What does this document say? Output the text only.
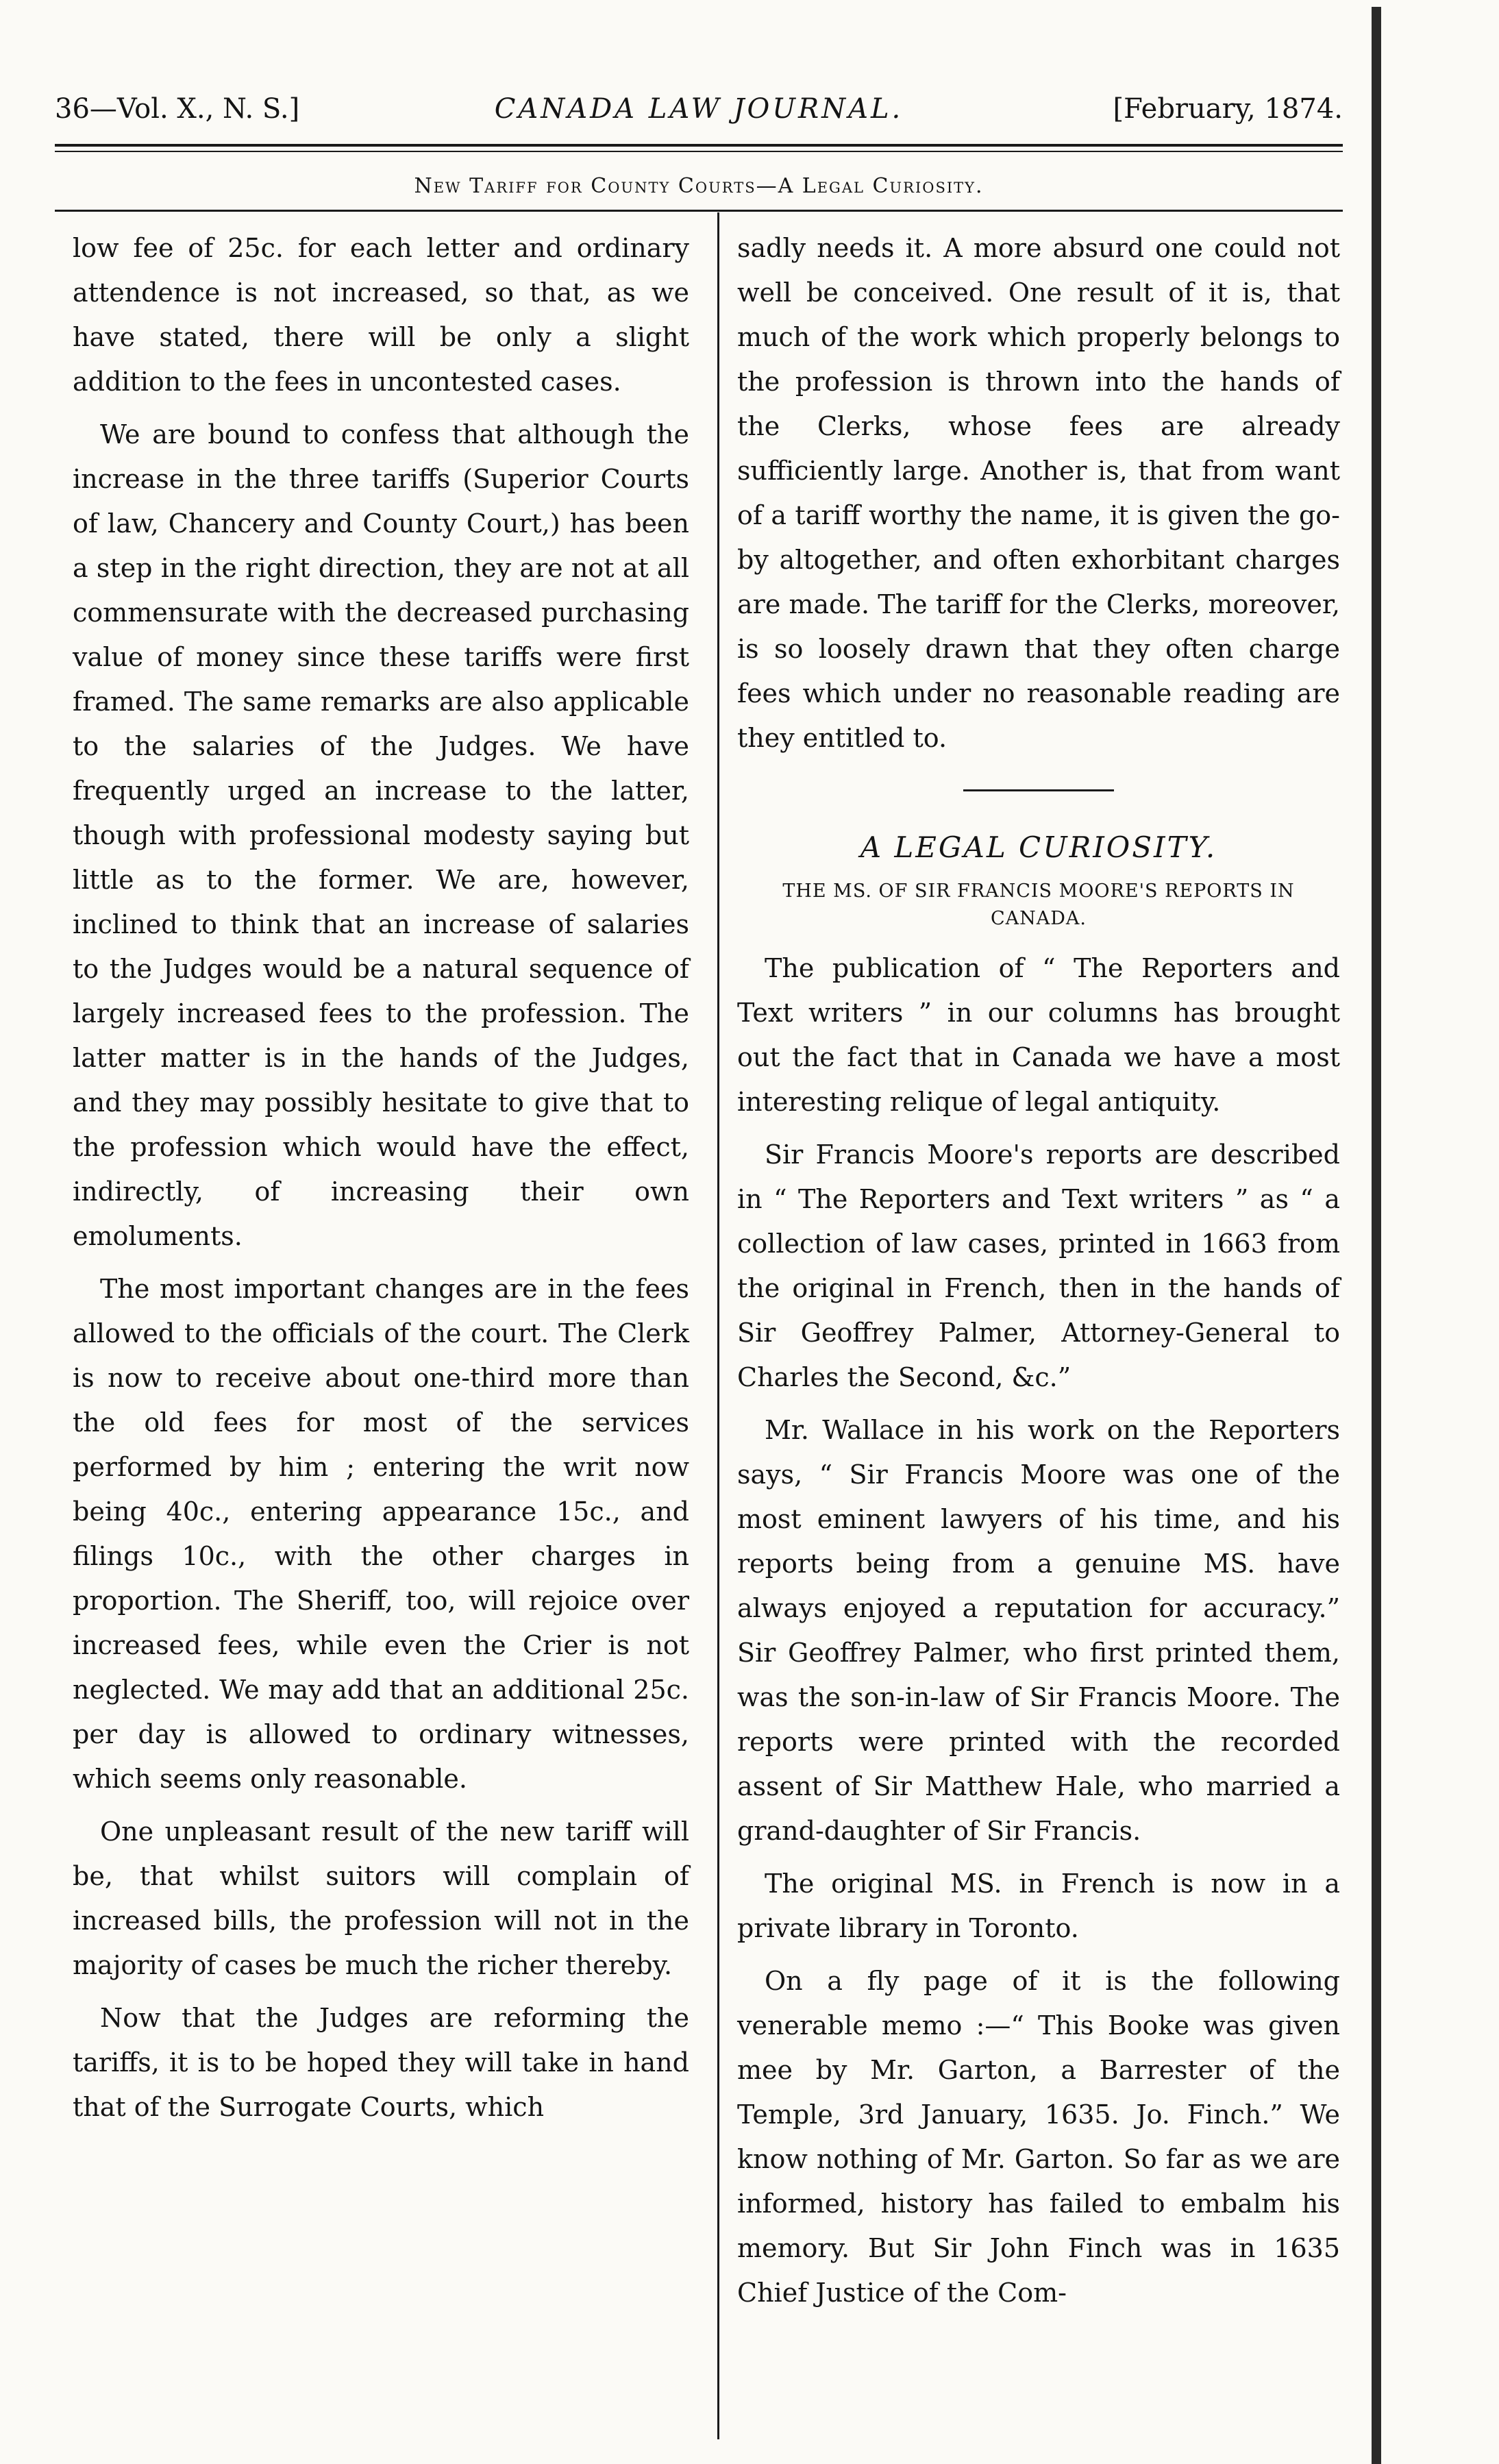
36—Vol. X., N. S.]	CANADA LAW JOURNAL.	[February, 1874.
New Tariff for County Courts—A Legal Curiosity.

low fee of 25c. for each letter and ordinary attendence is not increased, so that, as we have stated, there will be only a slight addition to the fees in uncontested cases.

We are bound to confess that although the increase in the three tariffs (Superior Courts of law, Chancery and County Court,) has been a step in the right direction, they are not at all commensurate with the decreased purchasing value of money since these tariffs were first framed. The same remarks are also applicable to the salaries of the Judges. We have frequently urged an increase to the latter, though with professional modesty saying but little as to the former. We are, however, inclined to think that an increase of salaries to the Judges would be a natural sequence of largely increased fees to the profession. The latter matter is in the hands of the Judges, and they may possibly hesitate to give that to the profession which would have the effect, indirectly, of increasing their own emoluments.

The most important changes are in the fees allowed to the officials of the court. The Clerk is now to receive about one-third more than the old fees for most of the services performed by him ; entering the writ now being 40c., entering appearance 15c., and filings 10c., with the other charges in proportion. The Sheriff, too, will rejoice over increased fees, while even the Crier is not neglected. We may add that an additional 25c. per day is allowed to ordinary witnesses, which seems only reasonable.

One unpleasant result of the new tariff will be, that whilst suitors will complain of increased bills, the profession will not in the majority of cases be much the richer thereby.

Now that the Judges are reforming the tariffs, it is to be hoped they will take in hand that of the Surrogate Courts, which

sadly needs it. A more absurd one could not well be conceived. One result of it is, that much of the work which properly belongs to the profession is thrown into the hands of the Clerks, whose fees are already sufficiently large. Another is, that from want of a tariff worthy the name, it is given the go-by altogether, and often exhorbitant charges are made. The tariff for the Clerks, moreover, is so loosely drawn that they often charge fees which under no reasonable reading are they entitled to.

A LEGAL CURIOSITY.
THE MS. OF SIR FRANCIS MOORE'S REPORTS IN CANADA.

The publication of “ The Reporters and Text writers ” in our columns has brought out the fact that in Canada we have a most interesting relique of legal antiquity.

Sir Francis Moore's reports are described in “ The Reporters and Text writers ” as “ a collection of law cases, printed in 1663 from the original in French, then in the hands of Sir Geoffrey Palmer, Attorney-General to Charles the Second, &c.”

Mr. Wallace in his work on the Reporters says, “ Sir Francis Moore was one of the most eminent lawyers of his time, and his reports being from a genuine MS. have always enjoyed a reputation for accuracy.” Sir Geoffrey Palmer, who first printed them, was the son-in-law of Sir Francis Moore. The reports were printed with the recorded assent of Sir Matthew Hale, who married a grand-daughter of Sir Francis.

The original MS. in French is now in a private library in Toronto.

On a fly page of it is the following venerable memo :—“ This Booke was given mee by Mr. Garton, a Barrester of the Temple, 3rd January, 1635. Jo. Finch.” We know nothing of Mr. Garton. So far as we are informed, history has failed to embalm his memory. But Sir John Finch was in 1635 Chief Justice of the Com-
